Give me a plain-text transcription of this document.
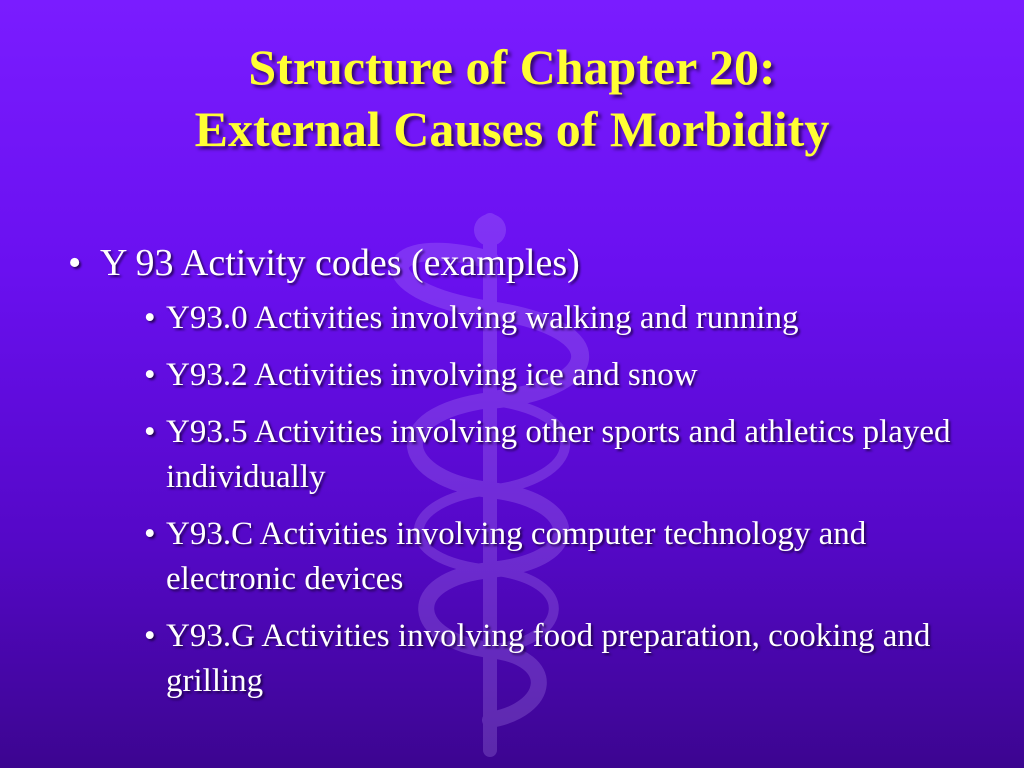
Structure of Chapter 20:
External Causes of Morbidity
• Y 93 Activity codes (examples)
• Y93.0 Activities involving walking and running
• Y93.2 Activities involving ice and snow
• Y93.5 Activities involving other sports and athletics played individually
• Y93.C Activities involving computer technology and electronic devices
• Y93.G Activities involving food preparation, cooking and grilling
